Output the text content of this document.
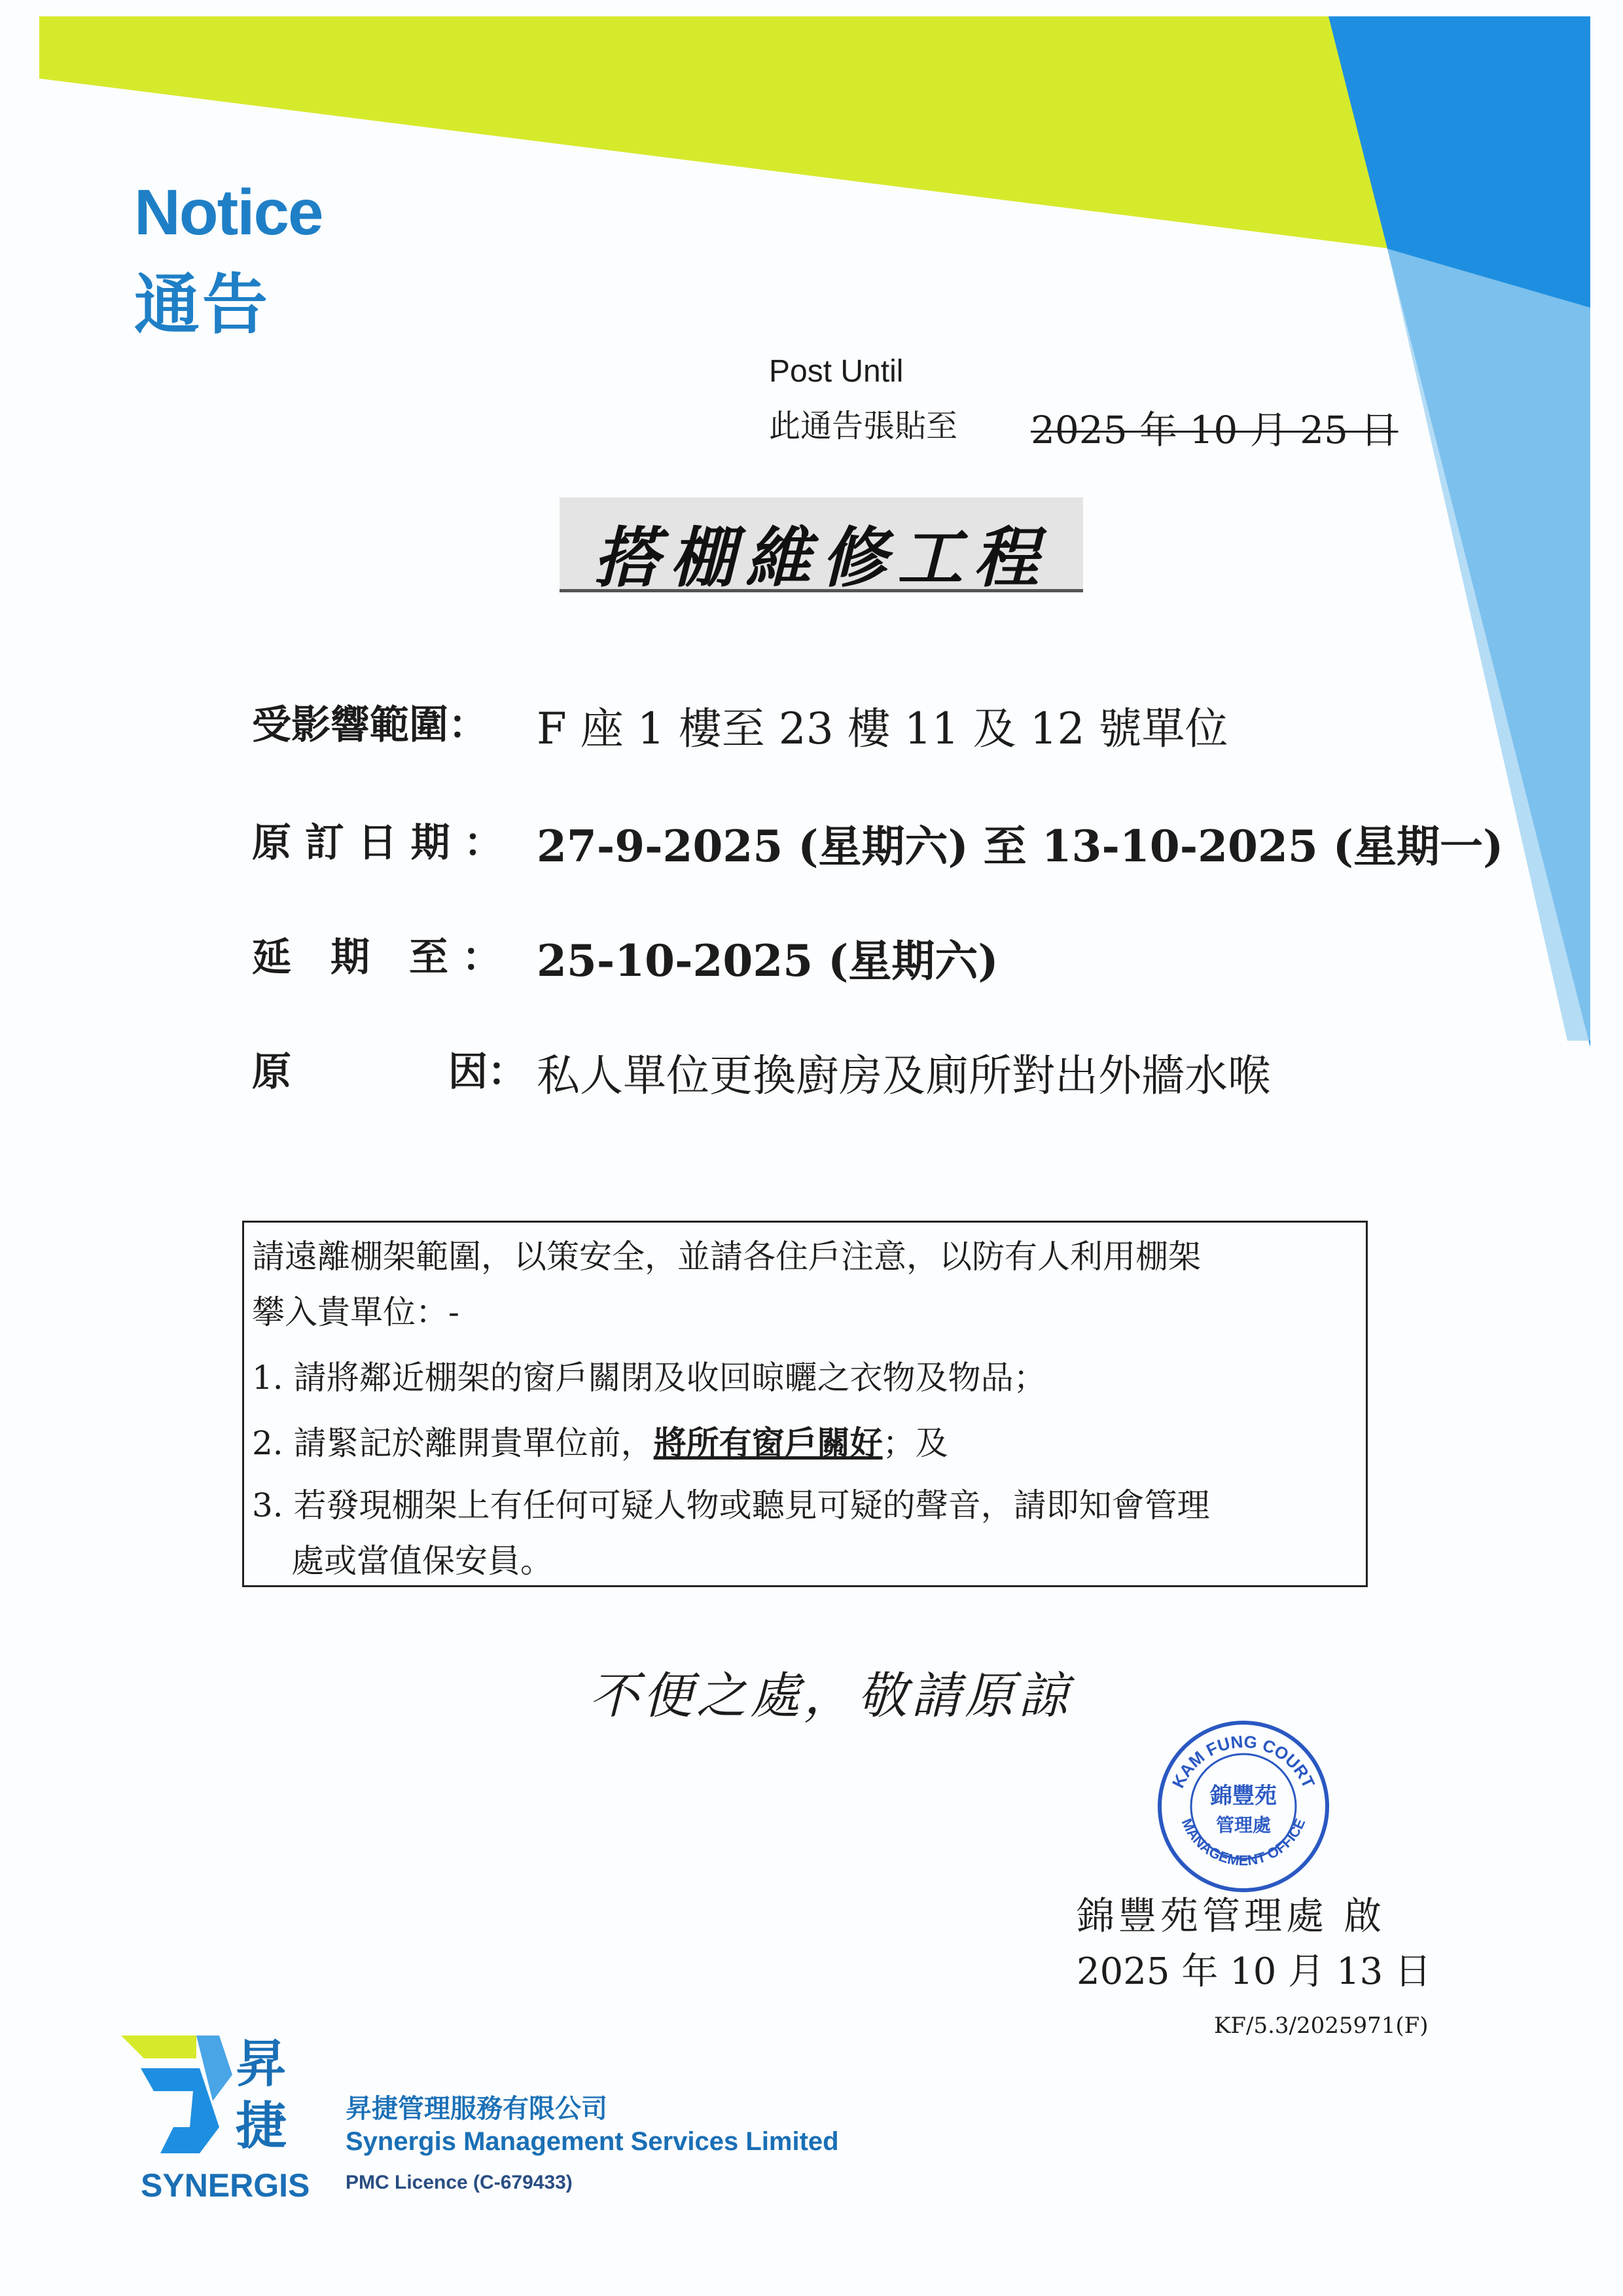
Notice
通告
Post Until
此通告張貼至 2025 年 10 月 25 日
搭棚維修工程
受影響範圍： F 座 1 樓至 23 樓 11 及 12 號單位
原 訂 日 期 ： 27-9-2025 (星期六) 至 13-10-2025 (星期一)
延　期　至 ： 25-10-2025 (星期六)
原　　　　因： 私人單位更換廚房及廁所對出外牆水喉
請遠離棚架範圍，以策安全，並請各住戶注意，以防有人利用棚架
攀入貴單位：-
1. 請將鄰近棚架的窗戶關閉及收回晾曬之衣物及物品；
2. 請緊記於離開貴單位前，將所有窗戶關好；及
3. 若發現棚架上有任何可疑人物或聽見可疑的聲音，請即知會管理
處或當值保安員。
不便之處，敬請原諒
KAM FUNG COURT
MANAGEMENT OFFICE
錦豐苑
管理處
錦豐苑管理處 啟
2025 年 10 月 13 日
KF/5.3/2025971(F)
昇
捷
SYNERGIS
昇捷管理服務有限公司
Synergis Management Services Limited
PMC Licence (C-679433)
